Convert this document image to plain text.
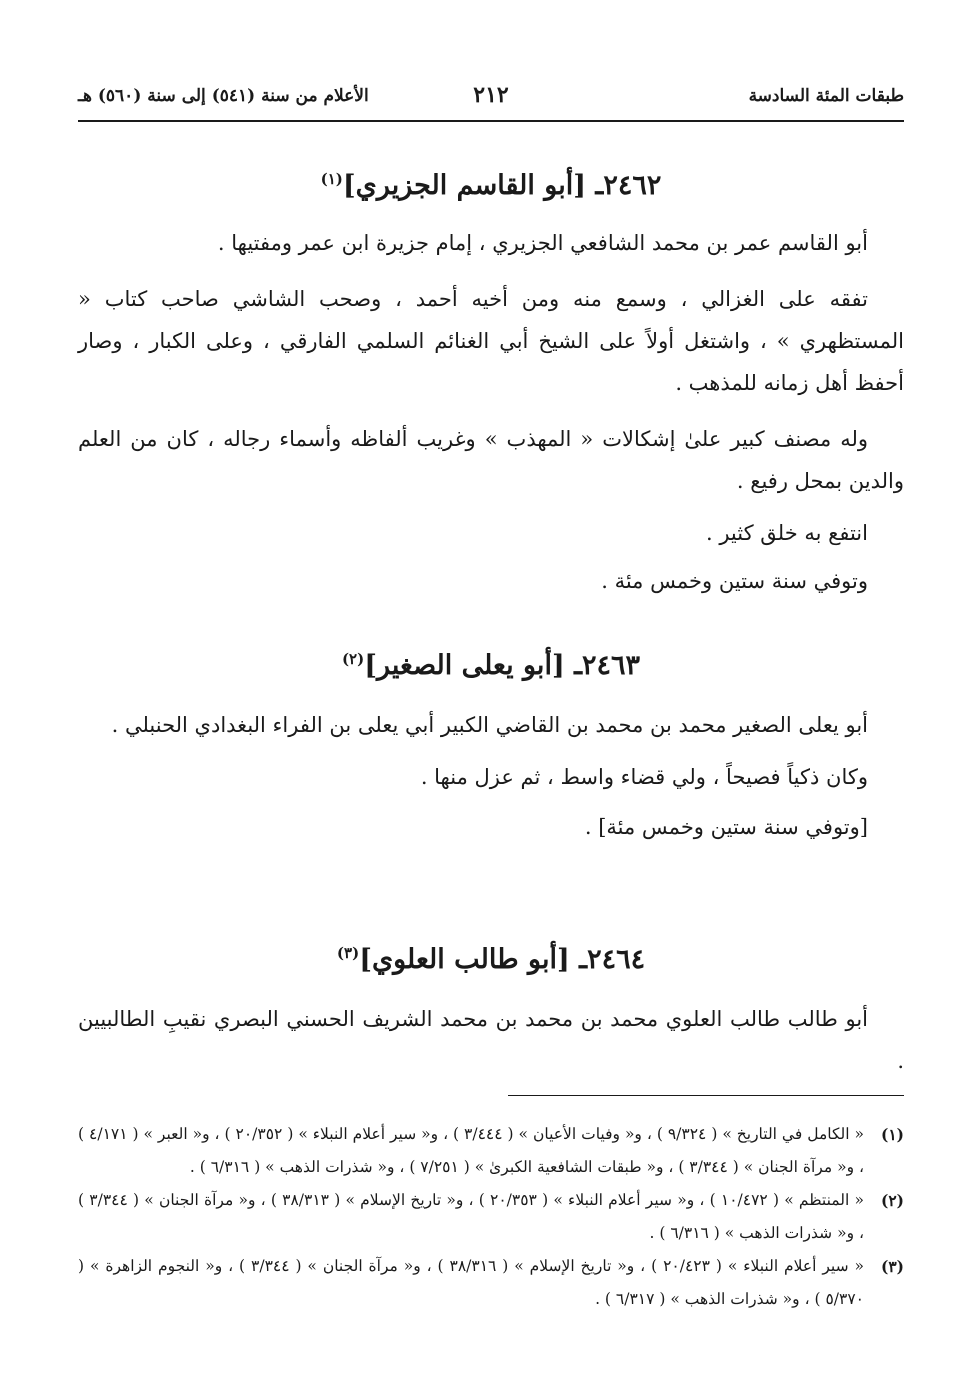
طبقات المئة السادسة
٢١٢
الأعلام من سنة (٥٤١) إلى سنة (٥٦٠) هـ
٢٤٦٢ـ [أبو القاسم الجزيري]$^{(١)}$

أبو القاسم عمر بن محمد الشافعي الجزيري ، إمام جزيرة ابن عمر ومفتيها .

تفقه على الغزالي ، وسمع منه ومن أخيه أحمد ، وصحب الشاشي صاحب كتاب « المستظهري » ، واشتغل أولاً على الشيخ أبي الغنائم السلمي الفارقي ، وعلى الكبار ، وصار أحفظ أهل زمانه للمذهب .

وله مصنف كبير علىٰ إشكالات « المهذب » وغريب ألفاظه وأسماء رجاله ، كان من العلم والدين بمحل رفيع .

انتفع به خلق كثير .

وتوفي سنة ستين وخمس مئة .

٢٤٦٣ـ [أبو يعلى الصغير]$^{(٢)}$

أبو يعلى الصغير محمد بن محمد بن القاضي الكبير أبي يعلى بن الفراء البغدادي الحنبلي .

وكان ذكياً فصيحاً ، ولي قضاء واسط ، ثم عزل منها .

[وتوفي سنة ستين وخمس مئة] .

٢٤٦٤ـ [أبو طالب العلوي]$^{(٣)}$

أبو طالب طالب العلوي محمد بن محمد بن محمد الشريف الحسني البصري نقيبِ الطالبيين .

(١)
« الكامل في التاريخ » ( ٩/٣٢٤ ) ، و« وفيات الأعيان » ( ٣/٤٤٤ ) ، و« سير أعلام النبلاء » ( ٢٠/٣٥٢ ) ، و« العبر » ( ٤/١٧١ ) ، و« مرآة الجنان » ( ٣/٣٤٤ ) ، و« طبقات الشافعية الكبرىٰ » ( ٧/٢٥١ ) ، و« شذرات الذهب » ( ٦/٣١٦ ) .
(٢)
« المنتظم » ( ١٠/٤٧٢ ) ، و« سير أعلام النبلاء » ( ٢٠/٣٥٣ ) ، و« تاريخ الإسلام » ( ٣٨/٣١٣ ) ، و« مرآة الجنان » ( ٣/٣٤٤ ) ، و« شذرات الذهب » ( ٦/٣١٦ ) .
(٣)
« سير أعلام النبلاء » ( ٢٠/٤٢٣ ) ، و« تاريخ الإسلام » ( ٣٨/٣١٦ ) ، و« مرآة الجنان » ( ٣/٣٤٤ ) ، و« النجوم الزاهرة » ( ٥/٣٧٠ ) ، و« شذرات الذهب » ( ٦/٣١٧ ) .
